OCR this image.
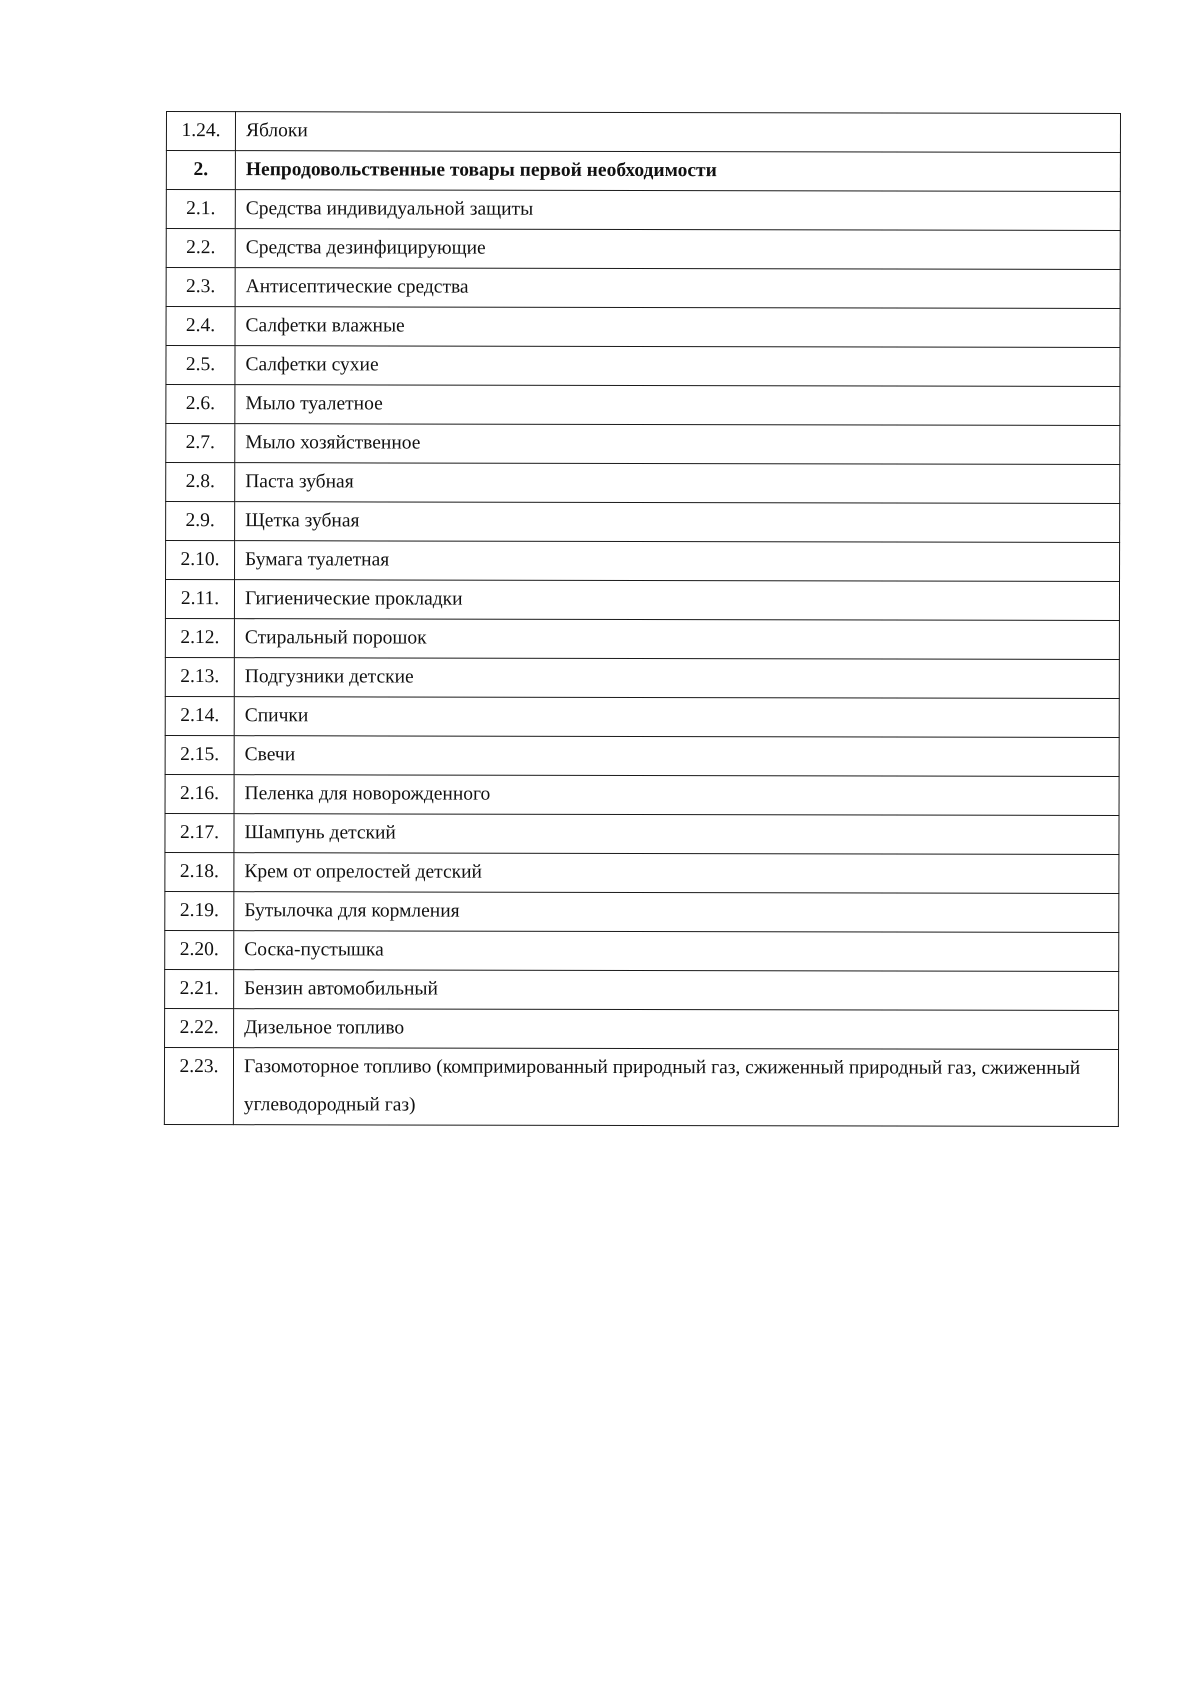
1.24.	Яблоки
2.	Непродовольственные товары первой необходимости
2.1.	Средства индивидуальной защиты
2.2.	Средства дезинфицирующие
2.3.	Антисептические средства
2.4.	Салфетки влажные
2.5.	Салфетки сухие
2.6.	Мыло туалетное
2.7.	Мыло хозяйственное
2.8.	Паста зубная
2.9.	Щетка зубная
2.10.	Бумага туалетная
2.11.	Гигиенические прокладки
2.12.	Стиральный порошок
2.13.	Подгузники детские
2.14.	Спички
2.15.	Свечи
2.16.	Пеленка для новорожденного
2.17.	Шампунь детский
2.18.	Крем от опрелостей детский
2.19.	Бутылочка для кормления
2.20.	Соска-пустышка
2.21.	Бензин автомобильный
2.22.	Дизельное топливо
2.23.	Газомоторное топливо (компримированный природный газ, сжиженный природный газ, сжиженный углеводородный газ)
